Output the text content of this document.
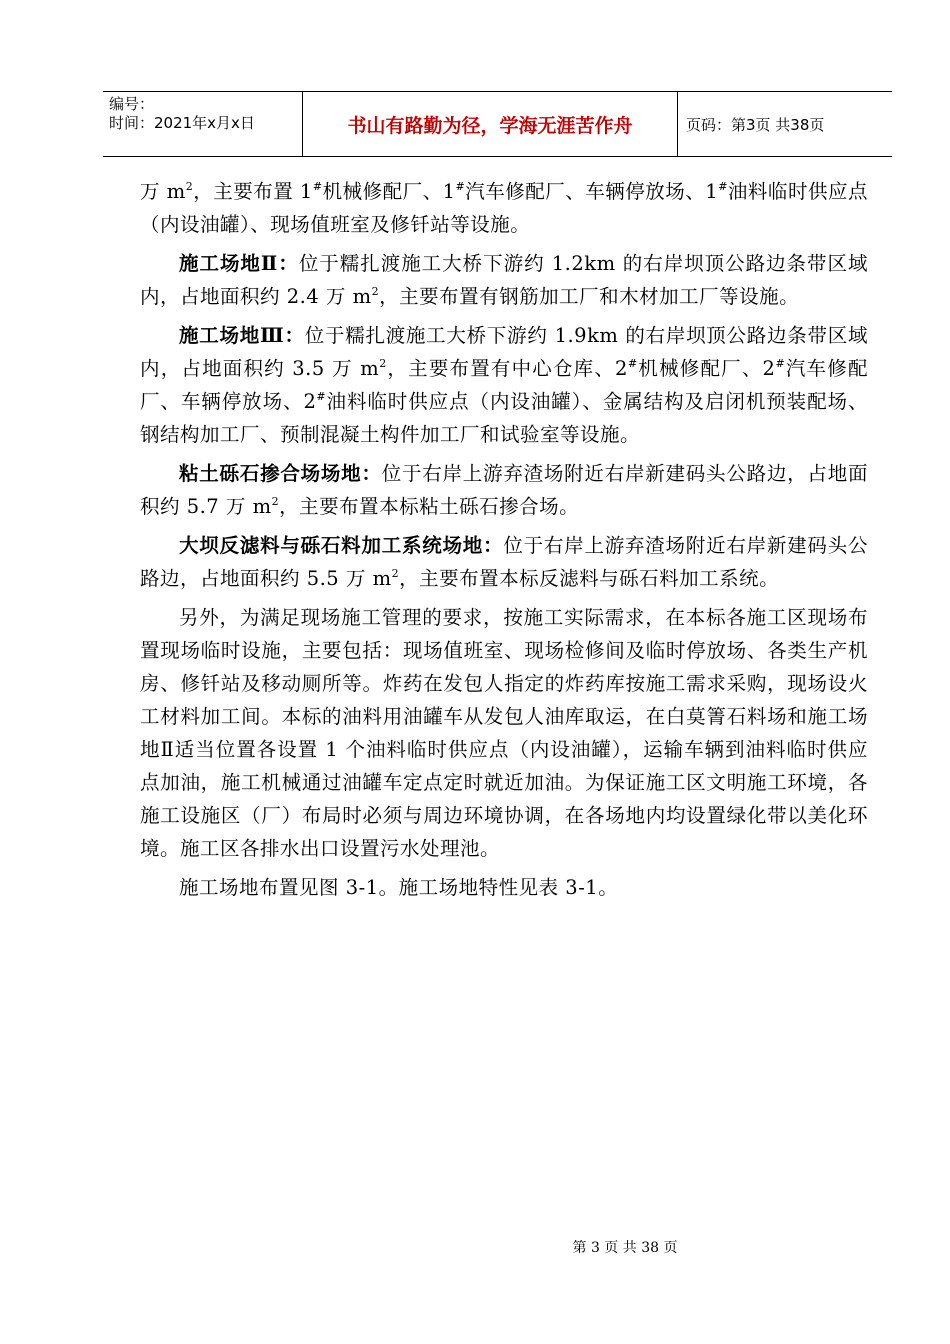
编号：
时间：2021年x月x日	书山有路勤为径，学海无涯苦作舟	页码：第3页 共38页

万 $m^2$，主要布置 1#机械修配厂、1#汽车修配厂、车辆停放场、1#油料临时供应点（内设油罐）、现场值班室及修钎站等设施。

施工场地Ⅱ：位于糯扎渡施工大桥下游约 1.2km 的右岸坝顶公路边条带区域内，占地面积约 2.4 万 $m^2$，主要布置有钢筋加工厂和木材加工厂等设施。

施工场地Ⅲ：位于糯扎渡施工大桥下游约 1.9km 的右岸坝顶公路边条带区域内，占地面积约 3.5 万 $m^2$，主要布置有中心仓库、2#机械修配厂、2#汽车修配厂、车辆停放场、2#油料临时供应点（内设油罐）、金属结构及启闭机预装配场、钢结构加工厂、预制混凝土构件加工厂和试验室等设施。

粘土砾石掺合场场地：位于右岸上游弃渣场附近右岸新建码头公路边，占地面积约 5.7 万 $m^2$，主要布置本标粘土砾石掺合场。

大坝反滤料与砾石料加工系统场地：位于右岸上游弃渣场附近右岸新建码头公路边，占地面积约 5.5 万 $m^2$，主要布置本标反滤料与砾石料加工系统。

另外，为满足现场施工管理的要求，按施工实际需求，在本标各施工区现场布置现场临时设施，主要包括：现场值班室、现场检修间及临时停放场、各类生产机房、修钎站及移动厕所等。炸药在发包人指定的炸药库按施工需求采购，现场设火工材料加工间。本标的油料用油罐车从发包人油库取运，在白莫箐石料场和施工场地Ⅱ适当位置各设置 1 个油料临时供应点（内设油罐），运输车辆到油料临时供应点加油，施工机械通过油罐车定点定时就近加油。为保证施工区文明施工环境，各施工设施区（厂）布局时必须与周边环境协调，在各场地内均设置绿化带以美化环境。施工区各排水出口设置污水处理池。

施工场地布置见图 3-1。施工场地特性见表 3-1。

第 3 页 共 38 页
